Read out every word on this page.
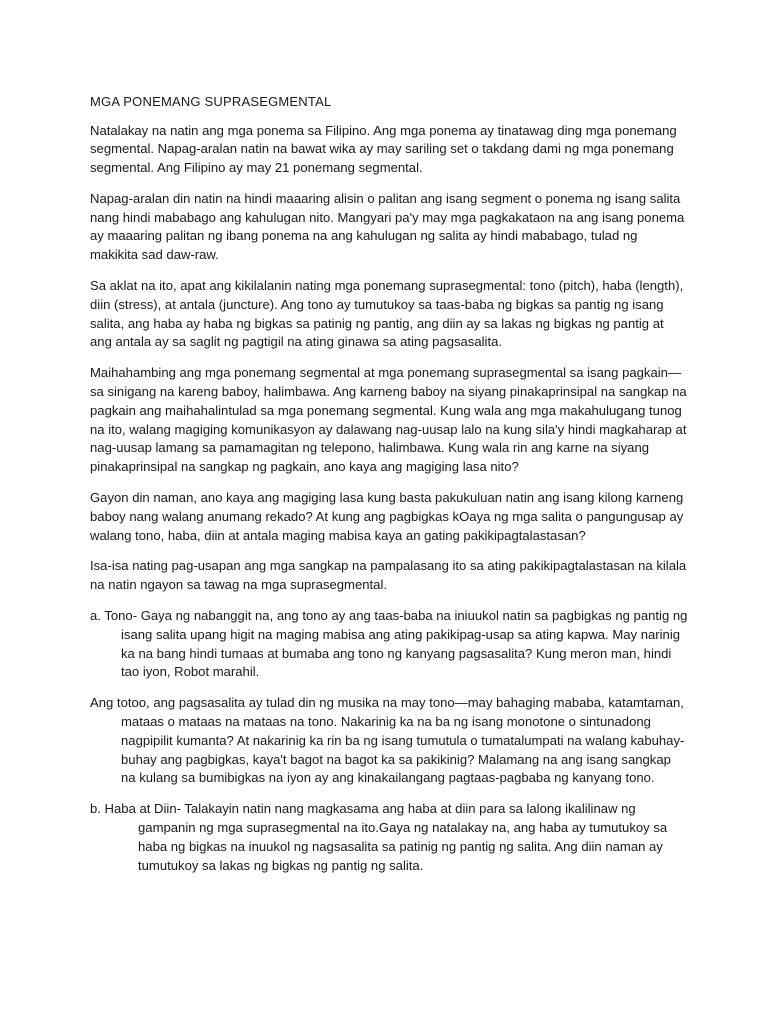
MGA PONEMANG SUPRASEGMENTAL

Natalakay na natin ang mga ponema sa Filipino. Ang mga ponema ay tinatawag ding mga ponemang segmental. Napag-aralan natin na bawat wika ay may sariling set o takdang dami ng mga ponemang segmental. Ang Filipino ay may 21 ponemang segmental.

Napag-aralan din natin na hindi maaaring alisin o palitan ang isang segment o ponema ng isang salita nang hindi mababago ang kahulugan nito. Mangyari pa'y may mga pagkakataon na ang isang ponema ay maaaring palitan ng ibang ponema na ang kahulugan ng salita ay hindi mababago, tulad ng makikita sad daw-raw.

Sa aklat na ito, apat ang kikilalanin nating mga ponemang suprasegmental: tono (pitch), haba (length), diin (stress), at antala (juncture). Ang tono ay tumutukoy sa taas-baba ng bigkas sa pantig ng isang salita, ang haba ay haba ng bigkas sa patinig ng pantig, ang diin ay sa lakas ng bigkas ng pantig at ang antala ay sa saglit ng pagtigil na ating ginawa sa ating pagsasalita.

Maihahambing ang mga ponemang segmental at mga ponemang suprasegmental sa isang pagkain—sa sinigang na kareng baboy, halimbawa. Ang karneng baboy na siyang pinakaprinsipal na sangkap na pagkain ang maihahalintulad sa mga ponemang segmental. Kung wala ang mga makahulugang tunog na ito, walang magiging komunikasyon ay dalawang nag-uusap lalo na kung sila'y hindi magkaharap at nag-uusap lamang sa pamamagitan ng telepono, halimbawa. Kung wala rin ang karne na siyang pinakaprinsipal na sangkap ng pagkain, ano kaya ang magiging lasa nito?

Gayon din naman, ano kaya ang magiging lasa kung basta pakukuluan natin ang isang kilong karneng baboy nang walang anumang rekado? At kung ang pagbigkas kOaya ng mga salita o pangungusap ay walang tono, haba, diin at antala maging mabisa kaya an gating pakikipagtalastasan?

Isa-isa nating pag-usapan ang mga sangkap na pampalasang ito sa ating pakikipagtalastasan na kilala na natin ngayon sa tawag na mga suprasegmental.

a. Tono- Gaya ng nabanggit na, ang tono ay ang taas-baba na iniuukol natin sa pagbigkas ng pantig ng isang salita upang higit na maging mabisa ang ating pakikipag-usap sa ating kapwa. May narinig ka na bang hindi tumaas at bumaba ang tono ng kanyang pagsasalita? Kung meron man, hindi tao iyon, Robot marahil.

Ang totoo, ang pagsasalita ay tulad din ng musika na may tono—may bahaging mababa, katamtaman, mataas o mataas na mataas na tono. Nakarinig ka na ba ng isang monotone o sintunadong nagpipilit kumanta? At nakarinig ka rin ba ng isang tumutula o tumatalumpati na walang kabuhay-buhay ang pagbigkas, kaya't bagot na bagot ka sa pakikinig? Malamang na ang isang sangkap na kulang sa bumibigkas na iyon ay ang kinakailangang pagtaas-pagbaba ng kanyang tono.

b. Haba at Diin- Talakayin natin nang magkasama ang haba at diin para sa lalong ikalilinaw ng gampanin ng mga suprasegmental na ito.Gaya ng natalakay na, ang haba ay tumutukoy sa haba ng bigkas na inuukol ng nagsasalita sa patinig ng pantig ng salita. Ang diin naman ay tumutukoy sa lakas ng bigkas ng pantig ng salita.
